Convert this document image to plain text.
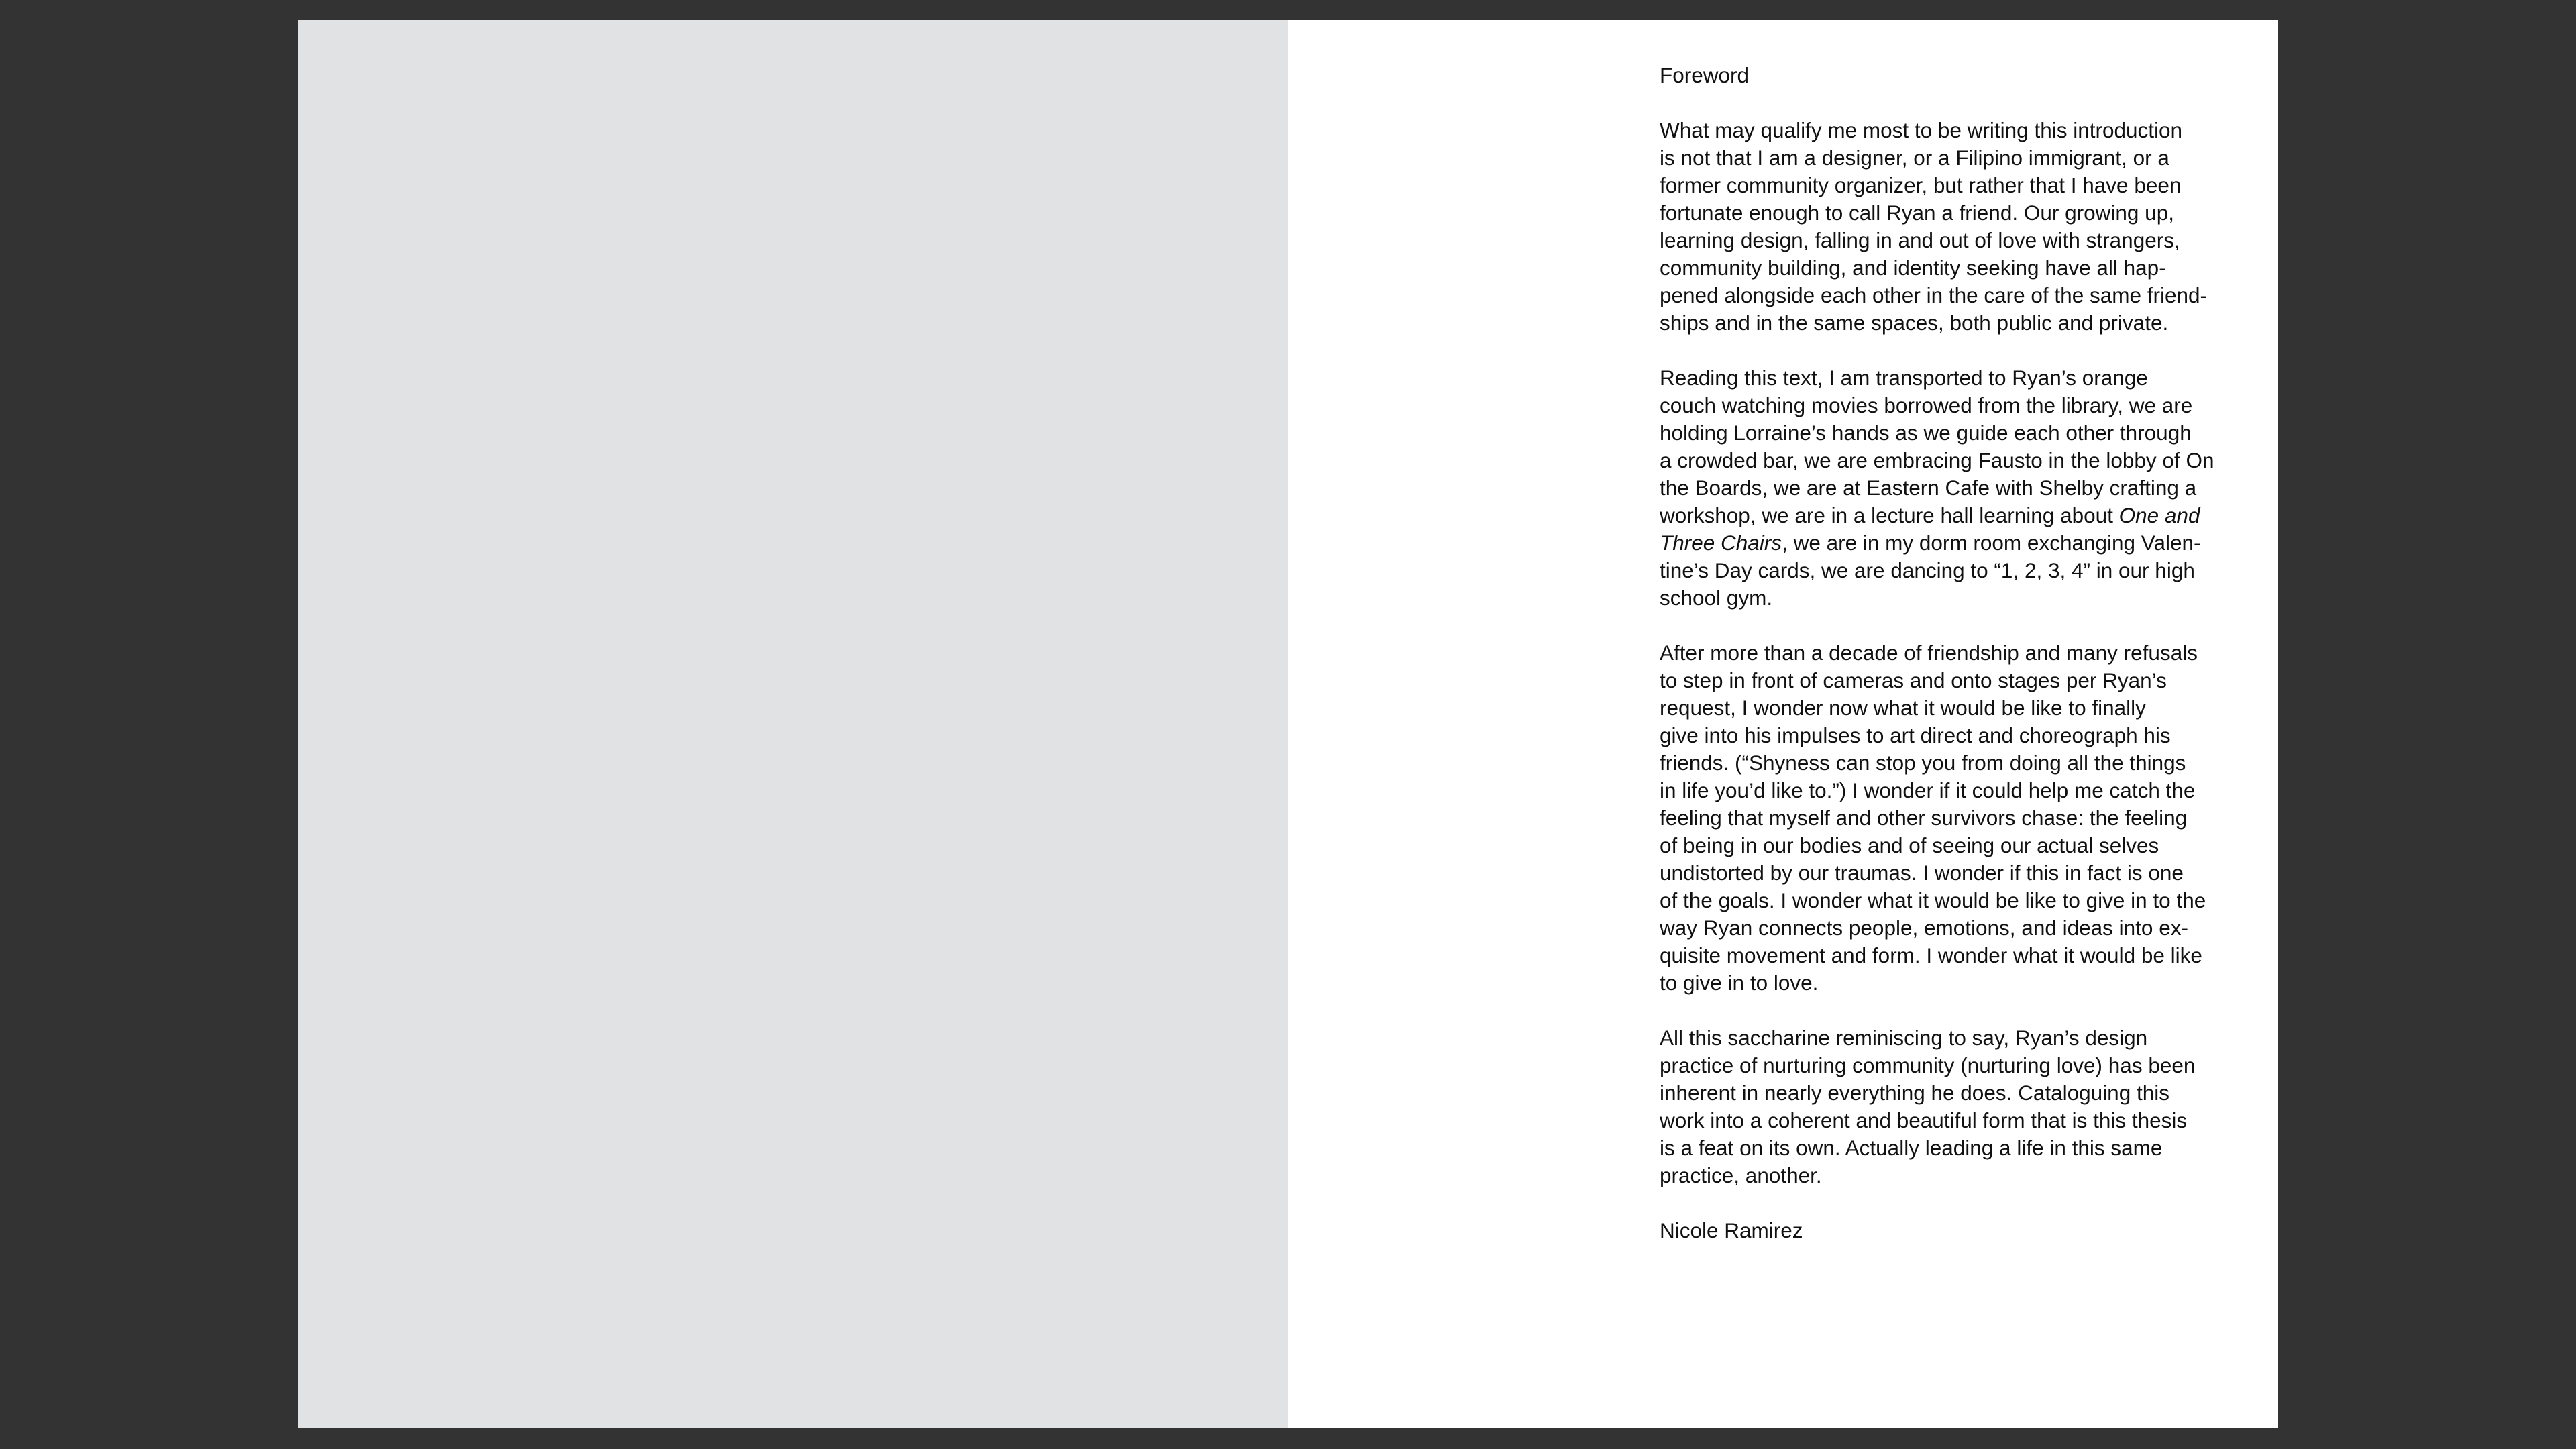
Foreword

What may qualify me most to be writing this introduction
is not that I am a designer, or a Filipino immigrant, or a
former community organizer, but rather that I have been
fortunate enough to call Ryan a friend. Our growing up,
learning design, falling in and out of love with strangers,
community building, and identity seeking have all hap-
pened alongside each other in the care of the same friend-
ships and in the same spaces, both public and private.

Reading this text, I am transported to Ryan’s orange
couch watching movies borrowed from the library, we are
holding Lorraine’s hands as we guide each other through
a crowded bar, we are embracing Fausto in the lobby of On
the Boards, we are at Eastern Cafe with Shelby crafting a
workshop, we are in a lecture hall learning about One and
Three Chairs, we are in my dorm room exchanging Valen-
tine’s Day cards, we are dancing to “1, 2, 3, 4” in our high
school gym.

After more than a decade of friendship and many refusals
to step in front of cameras and onto stages per Ryan’s
request, I wonder now what it would be like to finally
give into his impulses to art direct and choreograph his
friends. (“Shyness can stop you from doing all the things
in life you’d like to.”) I wonder if it could help me catch the
feeling that myself and other survivors chase: the feeling
of being in our bodies and of seeing our actual selves
undistorted by our traumas. I wonder if this in fact is one
of the goals. I wonder what it would be like to give in to the
way Ryan connects people, emotions, and ideas into ex-
quisite movement and form. I wonder what it would be like
to give in to love.

All this saccharine reminiscing to say, Ryan’s design
practice of nurturing community (nurturing love) has been
inherent in nearly everything he does. Cataloguing this
work into a coherent and beautiful form that is this thesis
is a feat on its own. Actually leading a life in this same
practice, another.

Nicole Ramirez
